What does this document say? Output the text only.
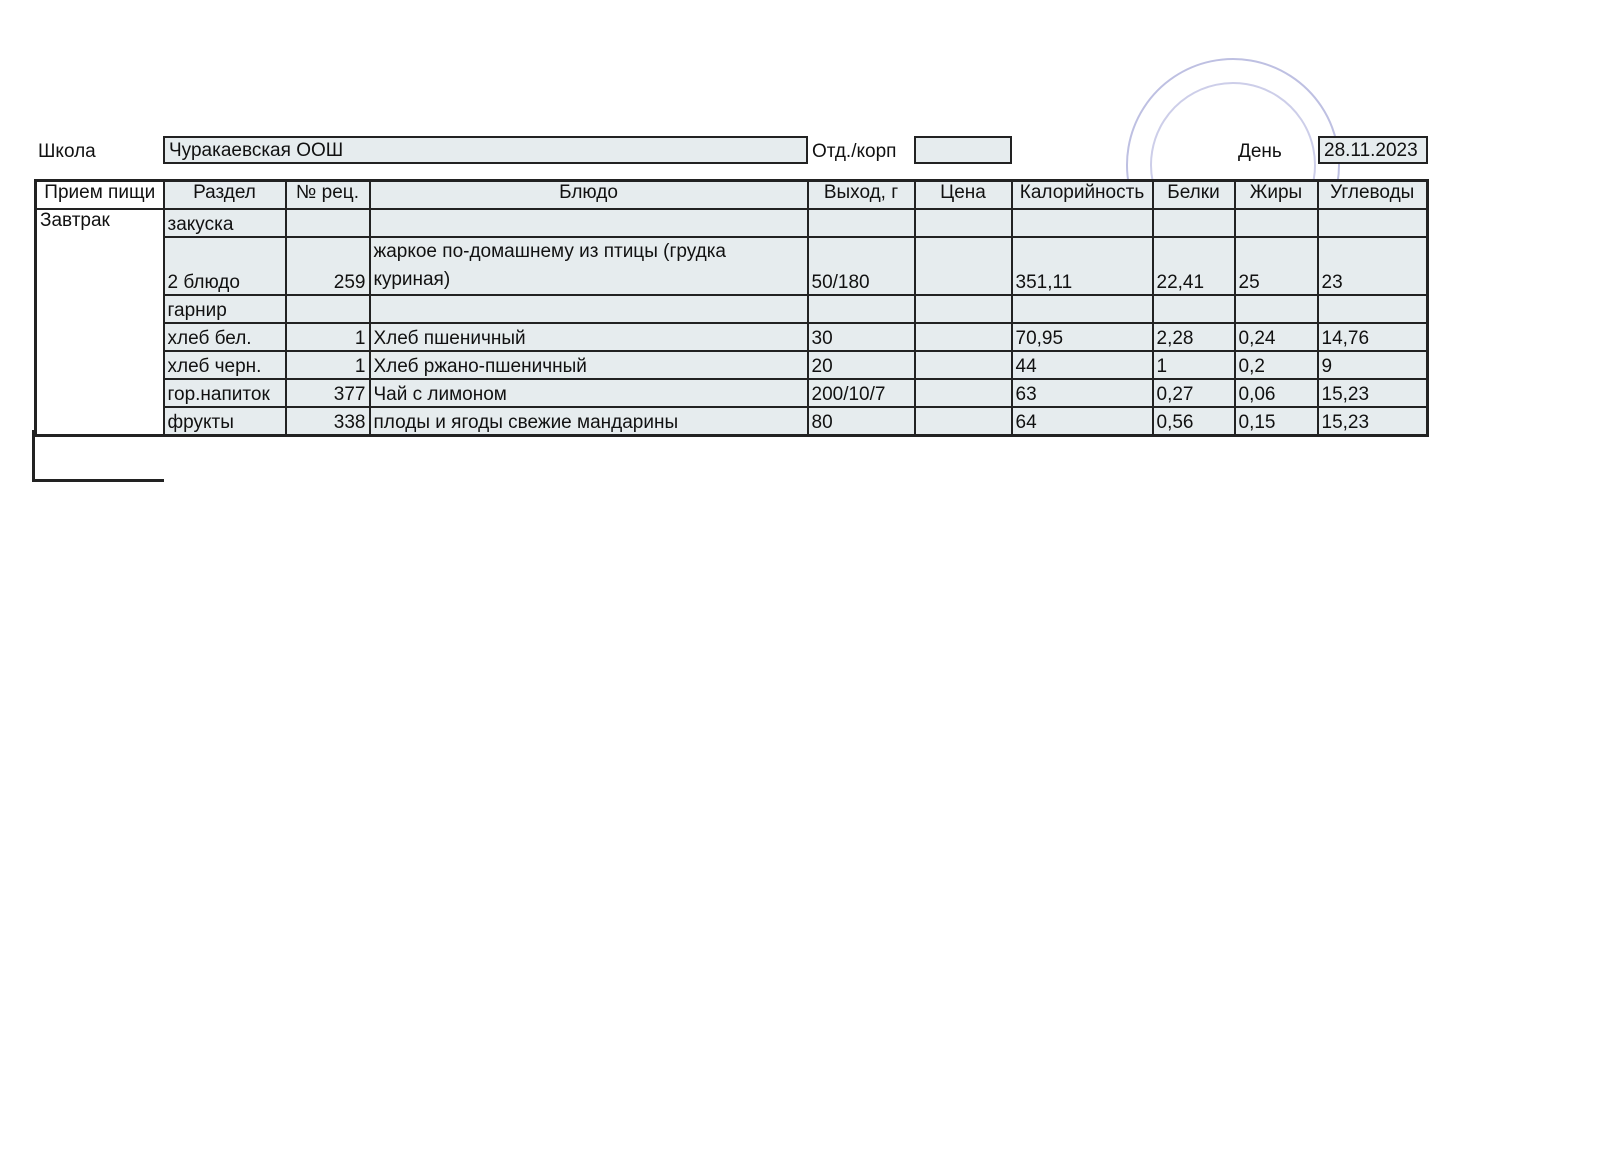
Школа	Чуракаевская ООШ	Отд./корп	День	28.11.2023
Прием пищи	Раздел	№ рец.	Блюдо	Выход, г	Цена	Калорийность	Белки	Жиры	Углеводы
Завтрак	закуска								
	2 блюдо	259	жаркое по-домашнему из птицы (грудка куриная)	50/180		351,11	22,41	25	23
	гарнир								
	хлеб бел.	1	Хлеб пшеничный	30		70,95	2,28	0,24	14,76
	хлеб черн.	1	Хлеб ржано-пшеничный	20		44	1	0,2	9
	гор.напиток	377	Чай с лимоном	200/10/7		63	0,27	0,06	15,23
	фрукты	338	плоды и ягоды свежие мандарины	80		64	0,56	0,15	15,23
